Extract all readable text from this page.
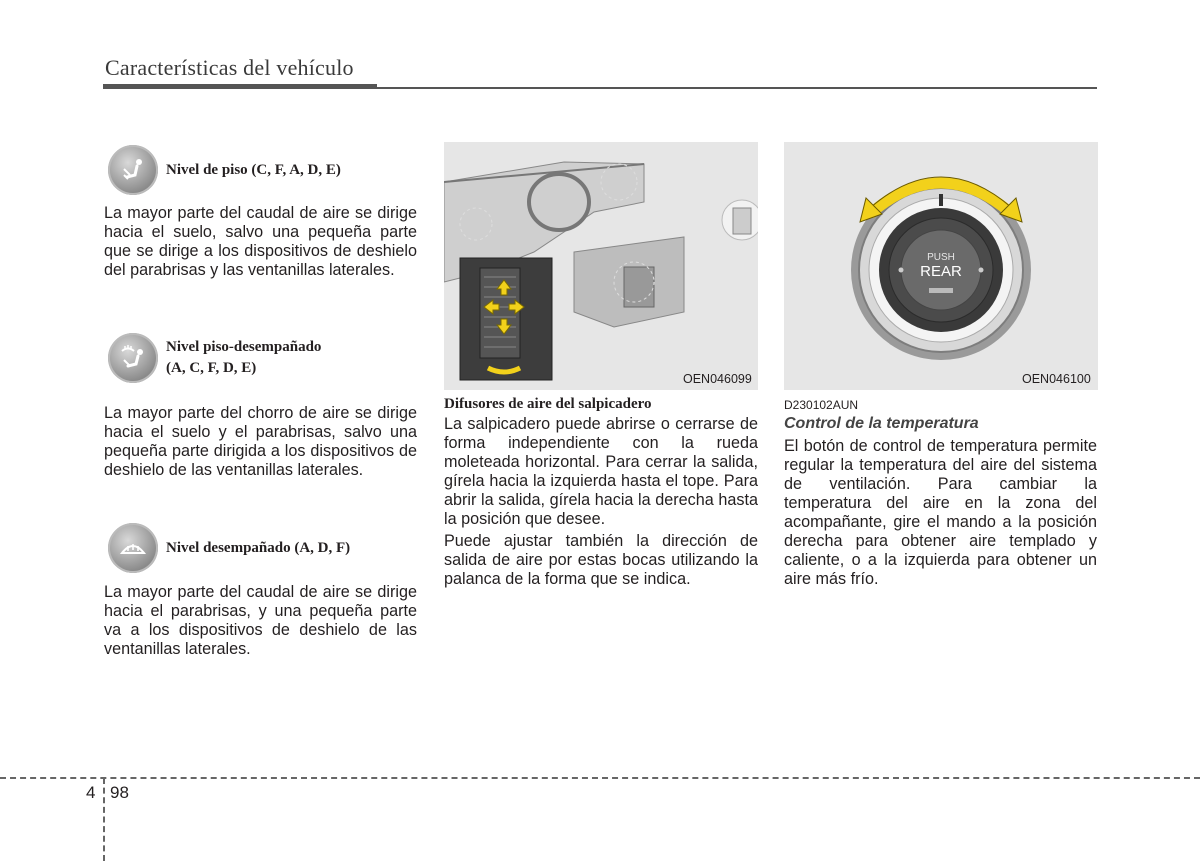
Características del vehículo
Nivel de piso (C, F, A, D, E)

La mayor parte del caudal de aire se dirige hacia el suelo, salvo una pequeña parte que se dirige a los dispositivos de deshielo del parabrisas y las ventanillas laterales.

Nivel piso-desempañado
(A, C, F, D, E)

La mayor parte del chorro de aire se dirige hacia el suelo y el parabrisas, salvo una pequeña parte dirigida a los dispositivos de deshielo de las ventanillas laterales.

Nivel desempañado (A, D, F)

La mayor parte del caudal de aire se dirige hacia el parabrisas, y una pequeña parte va a los dispositivos de deshielo de las ventanillas laterales.

OEN046099
Difusores de aire del salpicadero

La salpicadero puede abrirse o cerrarse de forma independiente con la rueda moleteada horizontal. Para cerrar la salida, gírela hacia la izquierda hasta el tope. Para abrir la salida, gírela hacia la derecha hasta la posición que desee.

Puede ajustar también la dirección de salida de aire por estas bocas utilizando la palanca de la forma que se indica.

PUSH
REAR
OEN046100
D230102AUN
Control de la temperatura

El botón de control de temperatura permite regular la temperatura del aire del sistema de ventilación. Para cambiar la temperatura del aire en la zona del acompañante, gire el mando a la posición derecha para obtener aire templado y caliente, o a la izquierda para obtener un aire más frío.

4 98
